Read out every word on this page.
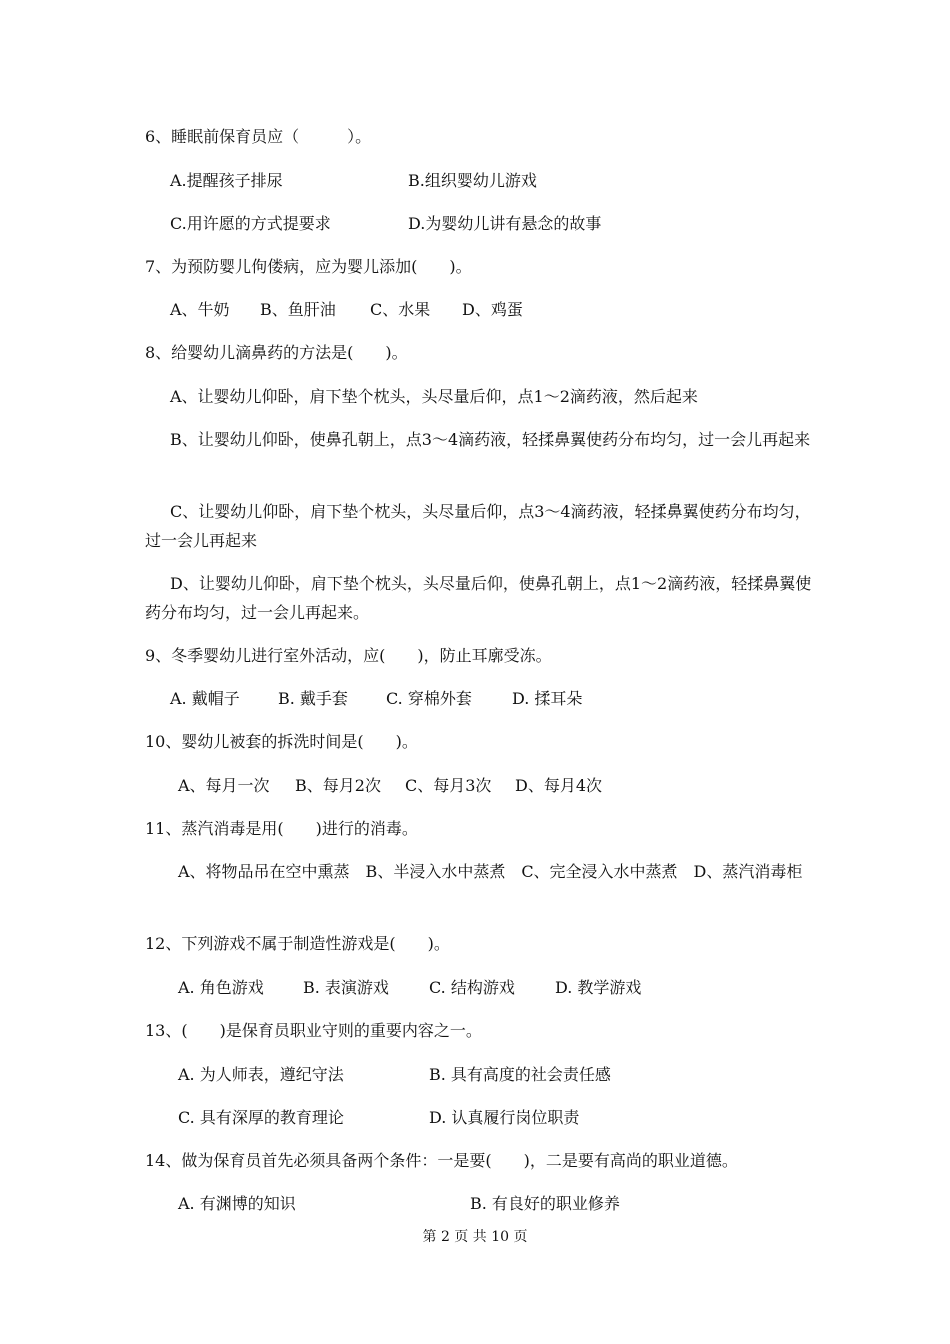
6、睡眠前保育员应（　　　）。
A.提醒孩子排尿	B.组织婴幼儿游戏
C.用许愿的方式提要求	D.为婴幼儿讲有悬念的故事
7、为预防婴儿佝偻病，应为婴儿添加(　　)。
A、牛奶 B、鱼肝油 C、水果 D、鸡蛋
8、给婴幼儿滴鼻药的方法是(　　)。
A、让婴幼儿仰卧，肩下垫个枕头，头尽量后仰，点1～2滴药液，然后起来
B、让婴幼儿仰卧，使鼻孔朝上，点3～4滴药液，轻揉鼻翼使药分布均匀，过一会儿再起来
C、让婴幼儿仰卧，肩下垫个枕头，头尽量后仰，点3～4滴药液，轻揉鼻翼使药分布均匀，过一会儿再起来
D、让婴幼儿仰卧，肩下垫个枕头，头尽量后仰，使鼻孔朝上，点1～2滴药液，轻揉鼻翼使药分布均匀，过一会儿再起来。
9、冬季婴幼儿进行室外活动，应(　　)，防止耳廓受冻。
A. 戴帽子 B. 戴手套 C. 穿棉外套	D. 揉耳朵
10、婴幼儿被套的拆洗时间是(　　)。
A、每月一次 B、每月2次 C、每月3次 D、每月4次
11、蒸汽消毒是用(　　)进行的消毒。
A、将物品吊在空中熏蒸　B、半浸入水中蒸煮　C、完全浸入水中蒸煮　D、蒸汽消毒柜
12、下列游戏不属于制造性游戏是(　　)。
A. 角色游戏 B. 表演游戏	C. 结构游戏	D. 教学游戏
13、(　　)是保育员职业守则的重要内容之一。
A. 为人师表，遵纪守法	B. 具有高度的社会责任感
C. 具有深厚的教育理论	D. 认真履行岗位职责
14、做为保育员首先必须具备两个条件：一是要(　　)，二是要有高尚的职业道德。
A. 有渊博的知识	B. 有良好的职业修养
第 2 页 共 10 页
